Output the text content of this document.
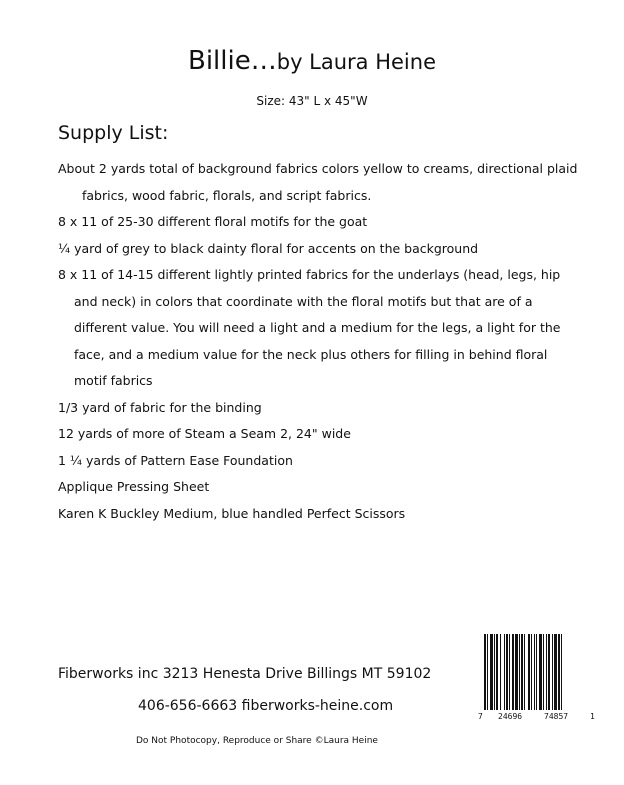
Billie…by Laura Heine
Size: 43" L x 45"W
Supply List:
About 2 yards total of background fabrics colors yellow to creams, directional plaid fabrics, wood fabric, florals, and script fabrics.
8 x 11 of 25-30 different floral motifs for the goat
¼ yard of grey to black dainty floral for accents on the background
8 x 11 of 14-15 different lightly printed fabrics for the underlays (head, legs, hip and neck) in colors that coordinate with the floral motifs but that are of a different value. You will need a light and a medium for the legs, a light for the face, and a medium value for the neck plus others for filling in behind floral motif fabrics
1/3 yard of fabric for the binding
12 yards of more of Steam a Seam 2, 24" wide
1 ¼ yards of Pattern Ease Foundation
Applique Pressing Sheet
Karen K Buckley Medium, blue handled Perfect Scissors
Fiberworks inc 3213 Henesta Drive Billings MT 59102
406-656-6663 fiberworks-heine.com
Do Not Photocopy, Reproduce or Share ©Laura Heine
7 24696	74857	1
